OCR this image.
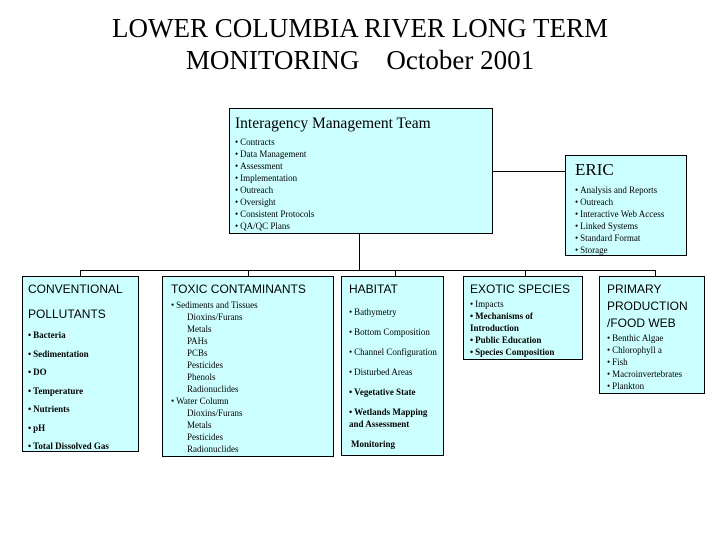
LOWER COLUMBIA RIVER LONG TERM
MONITORING    October 2001
Interagency Management Team
• Contracts
• Data Management
• Assessment
• Implementation
• Outreach
• Oversight
• Consistent Protocols
• QA/QC Plans
ERIC
• Analysis and Reports
• Outreach
• Interactive Web Access
• Linked Systems
• Standard Format
• Storage
CONVENTIONAL
POLLUTANTS
• Bacteria
• Sedimentation
• DO
• Temperature
• Nutrients
• pH
• Total Dissolved Gas
TOXIC CONTAMINANTS
• Sediments and Tissues
Dioxins/Furans
Metals
PAHs
PCBs
Pesticides
Phenols
Radionuclides
• Water Column
Dioxins/Furans
Metals
Pesticides
Radionuclides
HABITAT
• Bathymetry
• Bottom Composition
• Channel Configuration
• Disturbed Areas
• Vegetative State
• Wetlands Mapping and Assessment
Monitoring
EXOTIC SPECIES
• Impacts
• Mechanisms of Introduction
• Public Education
• Species Composition
PRIMARY
PRODUCTION
/FOOD WEB
• Benthic Algae
• Chlorophyll a
• Fish
• Macroinvertebrates
• Plankton
